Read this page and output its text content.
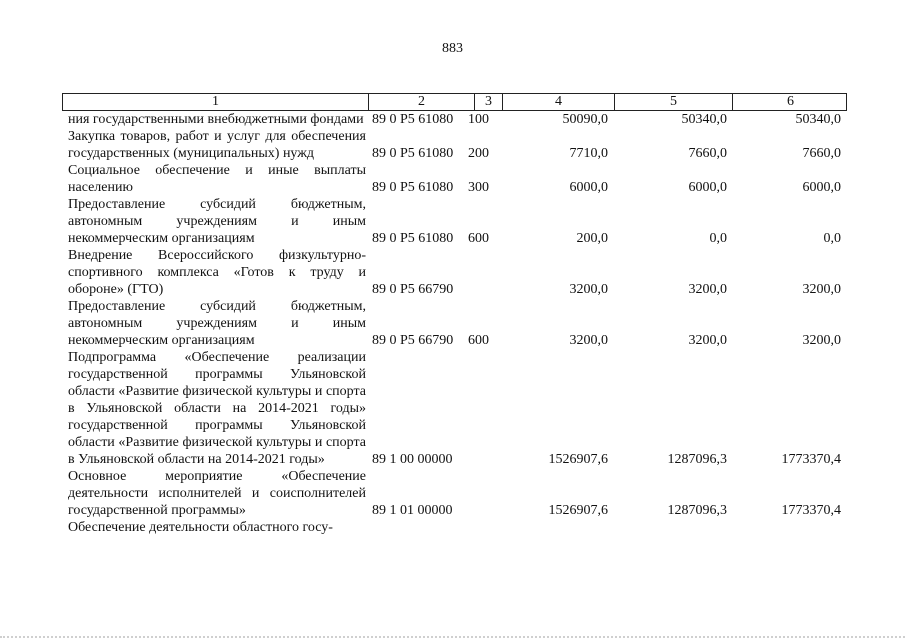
883
1	2	3	4	5	6
ния государственными внебюджетными фондами 89 0 P5 61080 100	50090,0	50340,0	50340,0
Закупка товаров, работ и услуг для обеспечения государственных (муниципальных) нужд	89 0 P5 61080 200	7710,0	7660,0	7660,0
Социальное обеспечение и иные выплаты населению	89 0 P5 61080 300	6000,0	6000,0	6000,0
Предоставление субсидий бюджетным, автономным учреждениям и иным некоммерческим организациям	89 0 P5 61080 600	200,0	0,0	0,0
Внедрение Всероссийского физкультурно-спортивного комплекса «Готов к труду и обороне» (ГТО)	89 0 P5 66790	3200,0	3200,0	3200,0
Предоставление субсидий бюджетным, автономным учреждениям и иным некоммерческим организациям	89 0 P5 66790 600	3200,0	3200,0	3200,0
Подпрограмма «Обеспечение реализации государственной программы Ульяновской области «Развитие физической культуры и спорта в Ульяновской области на 2014-2021 годы» государственной программы Ульяновской области «Развитие физической культуры и спорта в Ульяновской области на 2014-2021 годы»	89 1 00 00000	1526907,6	1287096,3	1773370,4
Основное мероприятие «Обеспечение деятельности исполнителей и соисполнителей государственной программы»	89 1 01 00000	1526907,6	1287096,3	1773370,4
Обеспечение деятельности областного госу-
